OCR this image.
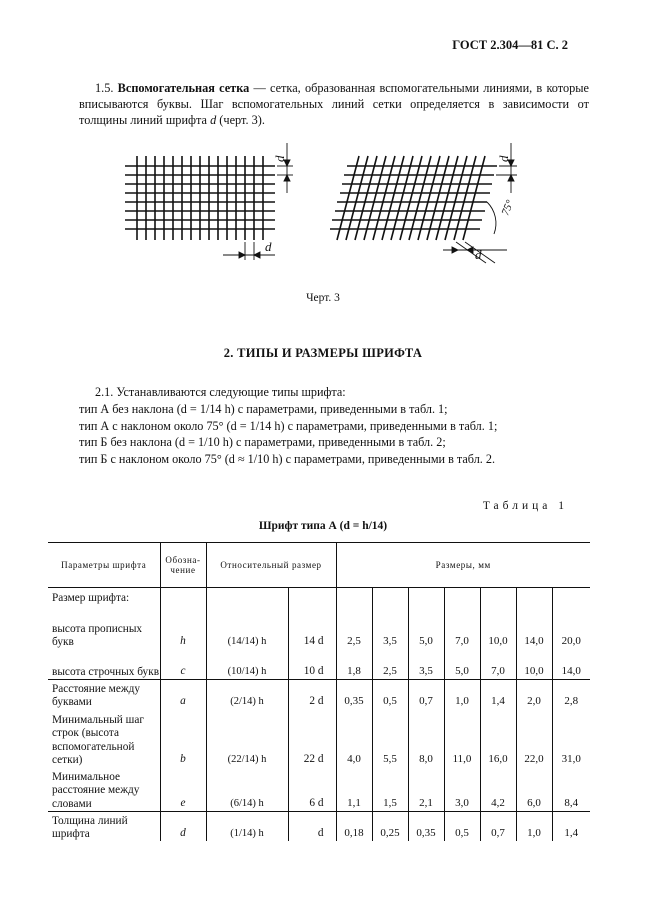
ГОСТ 2.304—81 С. 2
1.5. Вспомогательная сетка — сетка, образованная вспомогательными линиями, в которые вписываются буквы. Шаг вспомогательных линий сетки определяется в зависимости от толщины линий шрифта d (черт. 3).
d
d
d
75°
d
Черт. 3
2. ТИПЫ И РАЗМЕРЫ ШРИФТА
2.1. Устанавливаются следующие типы шрифта:
тип А без наклона (d = 1/14 h) с параметрами, приведенными в табл. 1;
тип А с наклоном около 75° (d = 1/14 h) с параметрами, приведенными в табл. 1;
тип Б без наклона (d = 1/10 h) с параметрами, приведенными в табл. 2;
тип Б с наклоном около 75° (d ≈ 1/10 h) с параметрами, приведенными в табл. 2.
Таблица 1
Шрифт типа А (d = h/14)
Параметры шрифта	Обозна-чение	Относительный размер		Размеры, мм						
Размер шрифта:										
высота прописных букв	h	(14/14) h	14 d	2,5	3,5	5,0	7,0	10,0	14,0	20,0
высота строчных букв	c	(10/14) h	10 d	1,8	2,5	3,5	5,0	7,0	10,0	14,0
Расстояние между буквами	a	(2/14) h	2 d	0,35	0,5	0,7	1,0	1,4	2,0	2,8
Минимальный шаг строк (высота вспомогательной сетки)	b	(22/14) h	22 d	4,0	5,5	8,0	11,0	16,0	22,0	31,0
Минимальное расстояние между словами	e	(6/14) h	6 d	1,1	1,5	2,1	3,0	4,2	6,0	8,4
Толщина линий шрифта	d	(1/14) h	d	0,18	0,25	0,35	0,5	0,7	1,0	1,4
